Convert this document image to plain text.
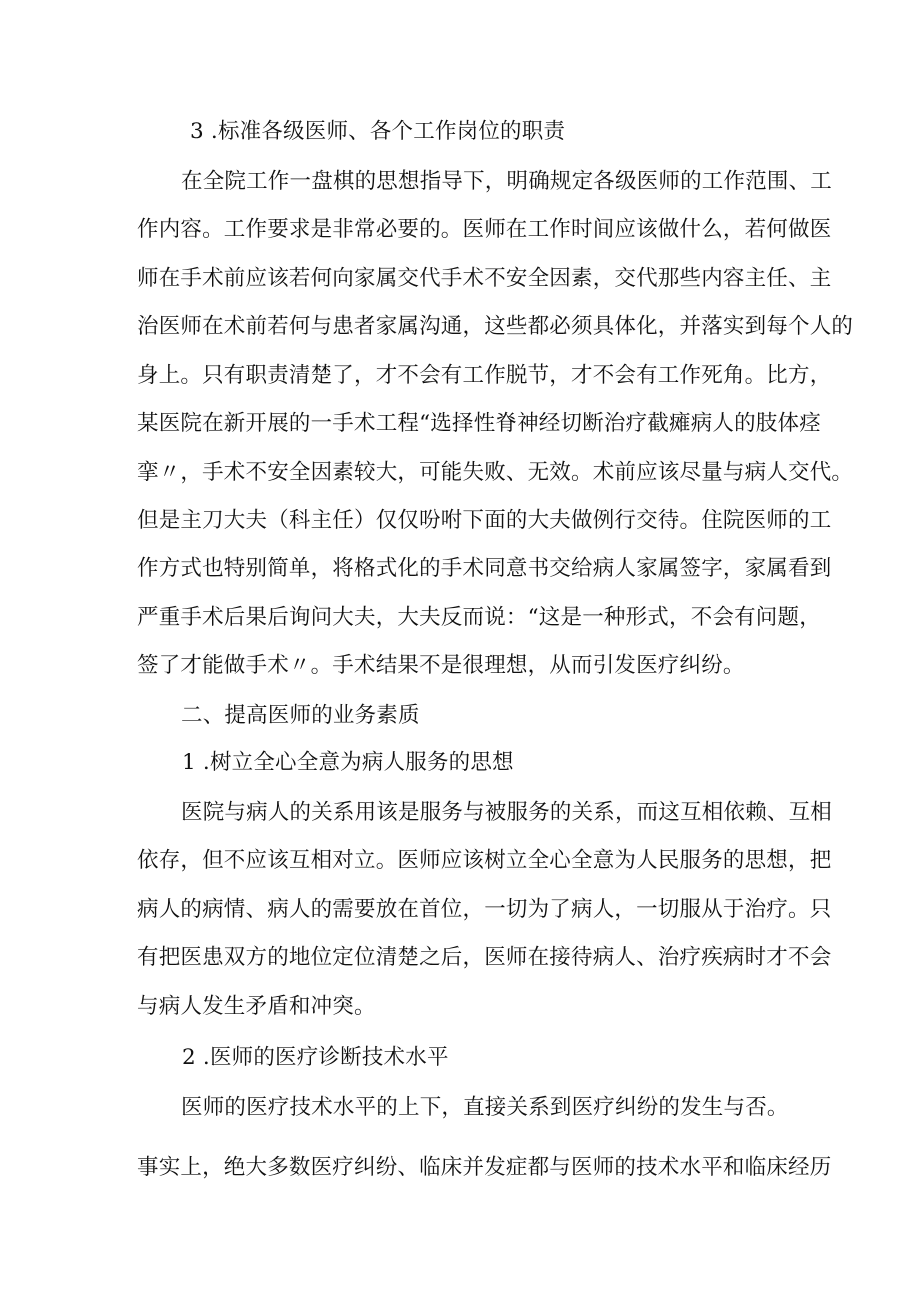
3 .标准各级医师、各个工作岗位的职责
在全院工作一盘棋的思想指导下，明确规定各级医师的工作范围、工
作内容。工作要求是非常必要的。医师在工作时间应该做什么，若何做医
师在手术前应该若何向家属交代手术不安全因素，交代那些内容主任、主
治医师在术前若何与患者家属沟通，这些都必须具体化，并落实到每个人的
身上。只有职责清楚了，才不会有工作脱节，才不会有工作死角。比方，
某医院在新开展的一手术工程“选择性脊神经切断治疗截瘫病人的肢体痉
挛〃，手术不安全因素较大，可能失败、无效。术前应该尽量与病人交代。
但是主刀大夫（科主任）仅仅吩咐下面的大夫做例行交待。住院医师的工
作方式也特别简单，将格式化的手术同意书交给病人家属签字，家属看到
严重手术后果后询问大夫，大夫反而说：“这是一种形式，不会有问题，
签了才能做手术〃。手术结果不是很理想，从而引发医疗纠纷。
二、提高医师的业务素质
1 .树立全心全意为病人服务的思想
医院与病人的关系用该是服务与被服务的关系，而这互相依赖、互相
依存，但不应该互相对立。医师应该树立全心全意为人民服务的思想，把
病人的病情、病人的需要放在首位，一切为了病人，一切服从于治疗。只
有把医患双方的地位定位清楚之后，医师在接待病人、治疗疾病时才不会
与病人发生矛盾和冲突。
2 .医师的医疗诊断技术水平
医师的医疗技术水平的上下，直接关系到医疗纠纷的发生与否。
事实上，绝大多数医疗纠纷、临床并发症都与医师的技术水平和临床经历
